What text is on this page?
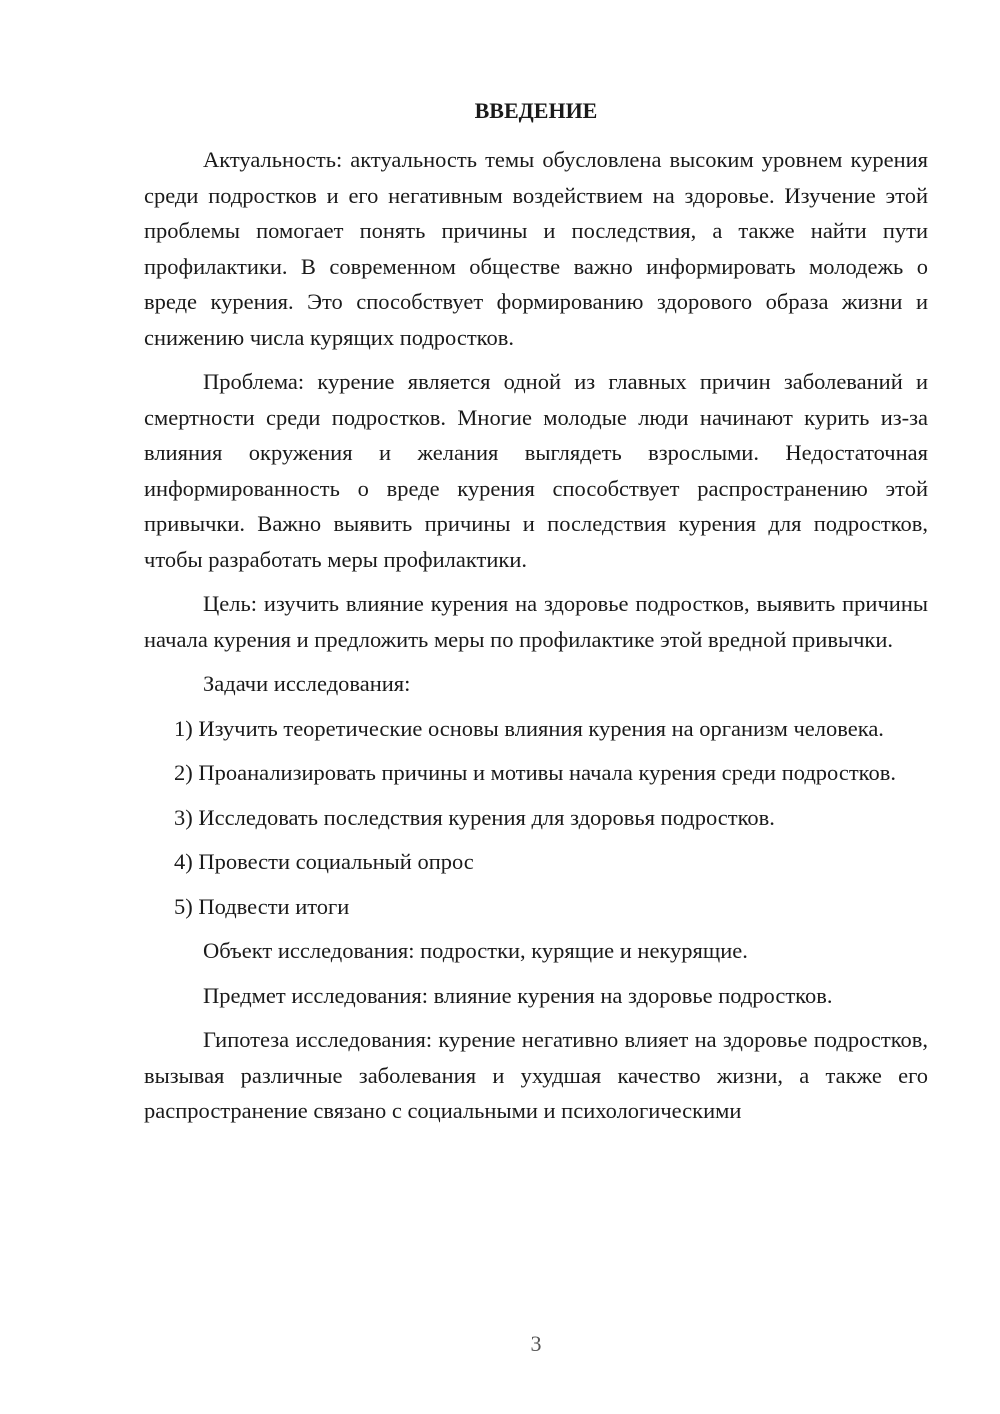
ВВЕДЕНИЕ

Актуальность: актуальность темы обусловлена высоким уровнем курения среди подростков и его негативным воздействием на здоровье. Изучение этой проблемы помогает понять причины и последствия, а также найти пути профилактики. В современном обществе важно информировать молодежь о вреде курения. Это способствует формированию здорового образа жизни и снижению числа курящих подростков.

Проблема: курение является одной из главных причин заболеваний и смертности среди подростков. Многие молодые люди начинают курить из-за влияния окружения и желания выглядеть взрослыми. Недостаточная информированность о вреде курения способствует распространению этой привычки. Важно выявить причины и последствия курения для подростков, чтобы разработать меры профилактики.

Цель: изучить влияние курения на здоровье подростков, выявить причины начала курения и предложить меры по профилактике этой вредной привычки.

Задачи исследования:

1) Изучить теоретические основы влияния курения на организм человека.

2) Проанализировать причины и мотивы начала курения среди подростков.

3) Исследовать последствия курения для здоровья подростков.

4) Провести социальный опрос

5) Подвести итоги

Объект исследования: подростки, курящие и некурящие.

Предмет исследования: влияние курения на здоровье подростков.

Гипотеза исследования: курение негативно влияет на здоровье подростков, вызывая различные заболевания и ухудшая качество жизни, а также его распространение связано с социальными и психологическими

3
